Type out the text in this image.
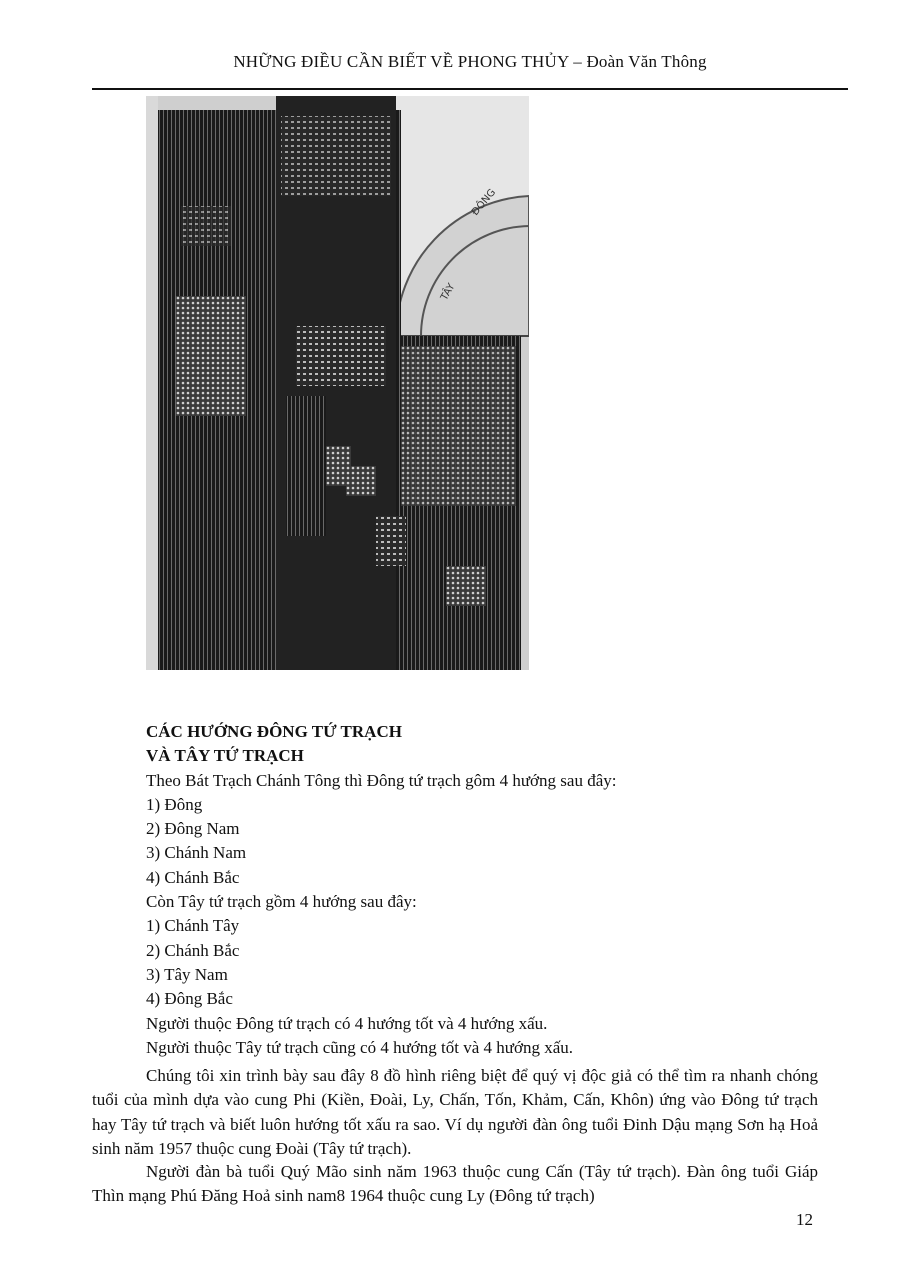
NHỮNG ĐIỀU CẦN BIẾT VỀ PHONG THỦY – Đoàn Văn Thông
TÂY
ĐÔNG

CÁC HƯỚNG ĐÔNG TỨ TRẠCH

VÀ TÂY TỨ TRẠCH

Theo Bát Trạch Chánh Tông thì Đông tứ trạch gôm 4 hướng sau đây:

1) Đông

2) Đông Nam

3) Chánh Nam

4) Chánh Bắc

Còn Tây tứ trạch gồm 4 hướng sau đây:

1) Chánh Tây

2) Chánh Bắc

3) Tây Nam

4) Đông Bắc

Người thuộc Đông tứ trạch có 4 hướng tốt và 4 hướng xấu.

Người thuộc Tây tứ trạch cũng có 4 hướng tốt và 4 hướng xấu.

Chúng tôi xin trình bày sau đây 8 đồ hình riêng biệt để quý vị độc giả có thể tìm ra nhanh chóng tuổi của mình dựa vào cung Phi (Kiền, Đoài, Ly, Chấn, Tốn, Khảm, Cấn, Khôn) ứng vào Đông tứ trạch hay Tây tứ trạch và biết luôn hướng tốt xấu ra sao. Ví dụ người đàn ông tuổi Đinh Dậu mạng Sơn hạ Hoả sinh năm 1957 thuộc cung Đoài (Tây tứ trạch).

Người đàn bà tuổi Quý Mão sinh năm 1963 thuộc cung Cấn (Tây tứ trạch). Đàn ông tuổi Giáp Thìn mạng Phú Đăng Hoả sinh nam8 1964 thuộc cung Ly (Đông tứ trạch)

12
